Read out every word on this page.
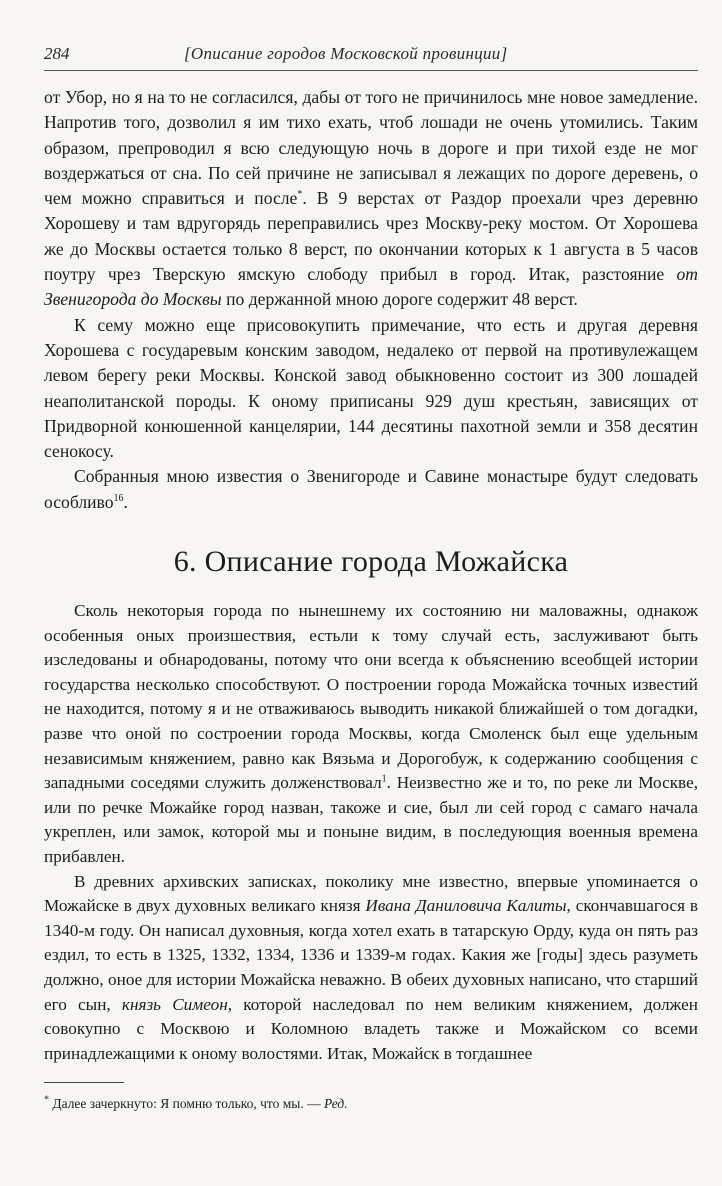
284	[Описание городов Московской провинции]

от Убор, но я на то не согласился, дабы от того не причинилось мне новое замедление. Напротив того, дозволил я им тихо ехать, чтоб лошади не очень утомились. Таким образом, препроводил я всю следующую ночь в дороге и при тихой езде не мог воздержаться от сна. По сей причине не записывал я лежащих по дороге деревень, о чем можно справиться и после*. В 9 верстах от Раздор проехали чрез деревню Хорошеву и там вдругорядь переправились чрез Москву-реку мостом. От Хорошева же до Москвы остается только 8 верст, по окончании которых к 1 августа в 5 часов поутру чрез Тверскую ямскую слободу прибыл в город. Итак, разстояние от Звенигорода до Москвы по держанной мною дороге содержит 48 верст.

К сему можно еще присовокупить примечание, что есть и другая деревня Хорошева с государевым конским заводом, недалеко от первой на противулежащем левом берегу реки Москвы. Конской завод обыкновенно состоит из 300 лошадей неаполитанской породы. К оному приписаны 929 душ крестьян, зависящих от Придворной конюшенной канцелярии, 144 десятины пахотной земли и 358 десятин сенокосу.

Собранныя мною известия о Звенигороде и Савине монастыре будут следовать особливо$^{16}$.

6. Описание города Можайска

Сколь некоторыя города по нынешнему их состоянию ни маловажны, однакож особенныя оных произшествия, естьли к тому случай есть, заслуживают быть изследованы и обнародованы, потому что они всегда к объяснению всеобщей истории государства несколько способствуют. О построении города Можайска точных известий не находится, потому я и не отваживаюсь выводить никакой ближайшей о том догадки, разве что оной по состроении города Москвы, когда Смоленск был еще удельным независимым княжением, равно как Вязьма и Дорогобуж, к содержанию сообщения с западными соседями служить долженствовал$^1$. Неизвестно же и то, по реке ли Москве, или по речке Можайке город назван, такоже и сие, был ли сей город с самаго начала укреплен, или замок, которой мы и поныне видим, в последующия военныя времена прибавлен.

В древних архивских записках, поколику мне известно, впервые упоминается о Можайске в двух духовных великаго князя Ивана Даниловича Калиты, скончавшагося в 1340-м году. Он написал духовныя, когда хотел ехать в татарскую Орду, куда он пять раз ездил, то есть в 1325, 1332, 1334, 1336 и 1339-м годах. Какия же [годы] здесь разуметь должно, оное для истории Можайска неважно. В обеих духовных написано, что старший его сын, князь Симеон, которой наследовал по нем великим княжением, должен совокупно с Москвою и Коломною владеть также и Можайском со всеми принадлежащими к оному волостями. Итак, Можайск в тогдашнее

* Далее зачеркнуто: Я помню только, что мы. — Ред.
